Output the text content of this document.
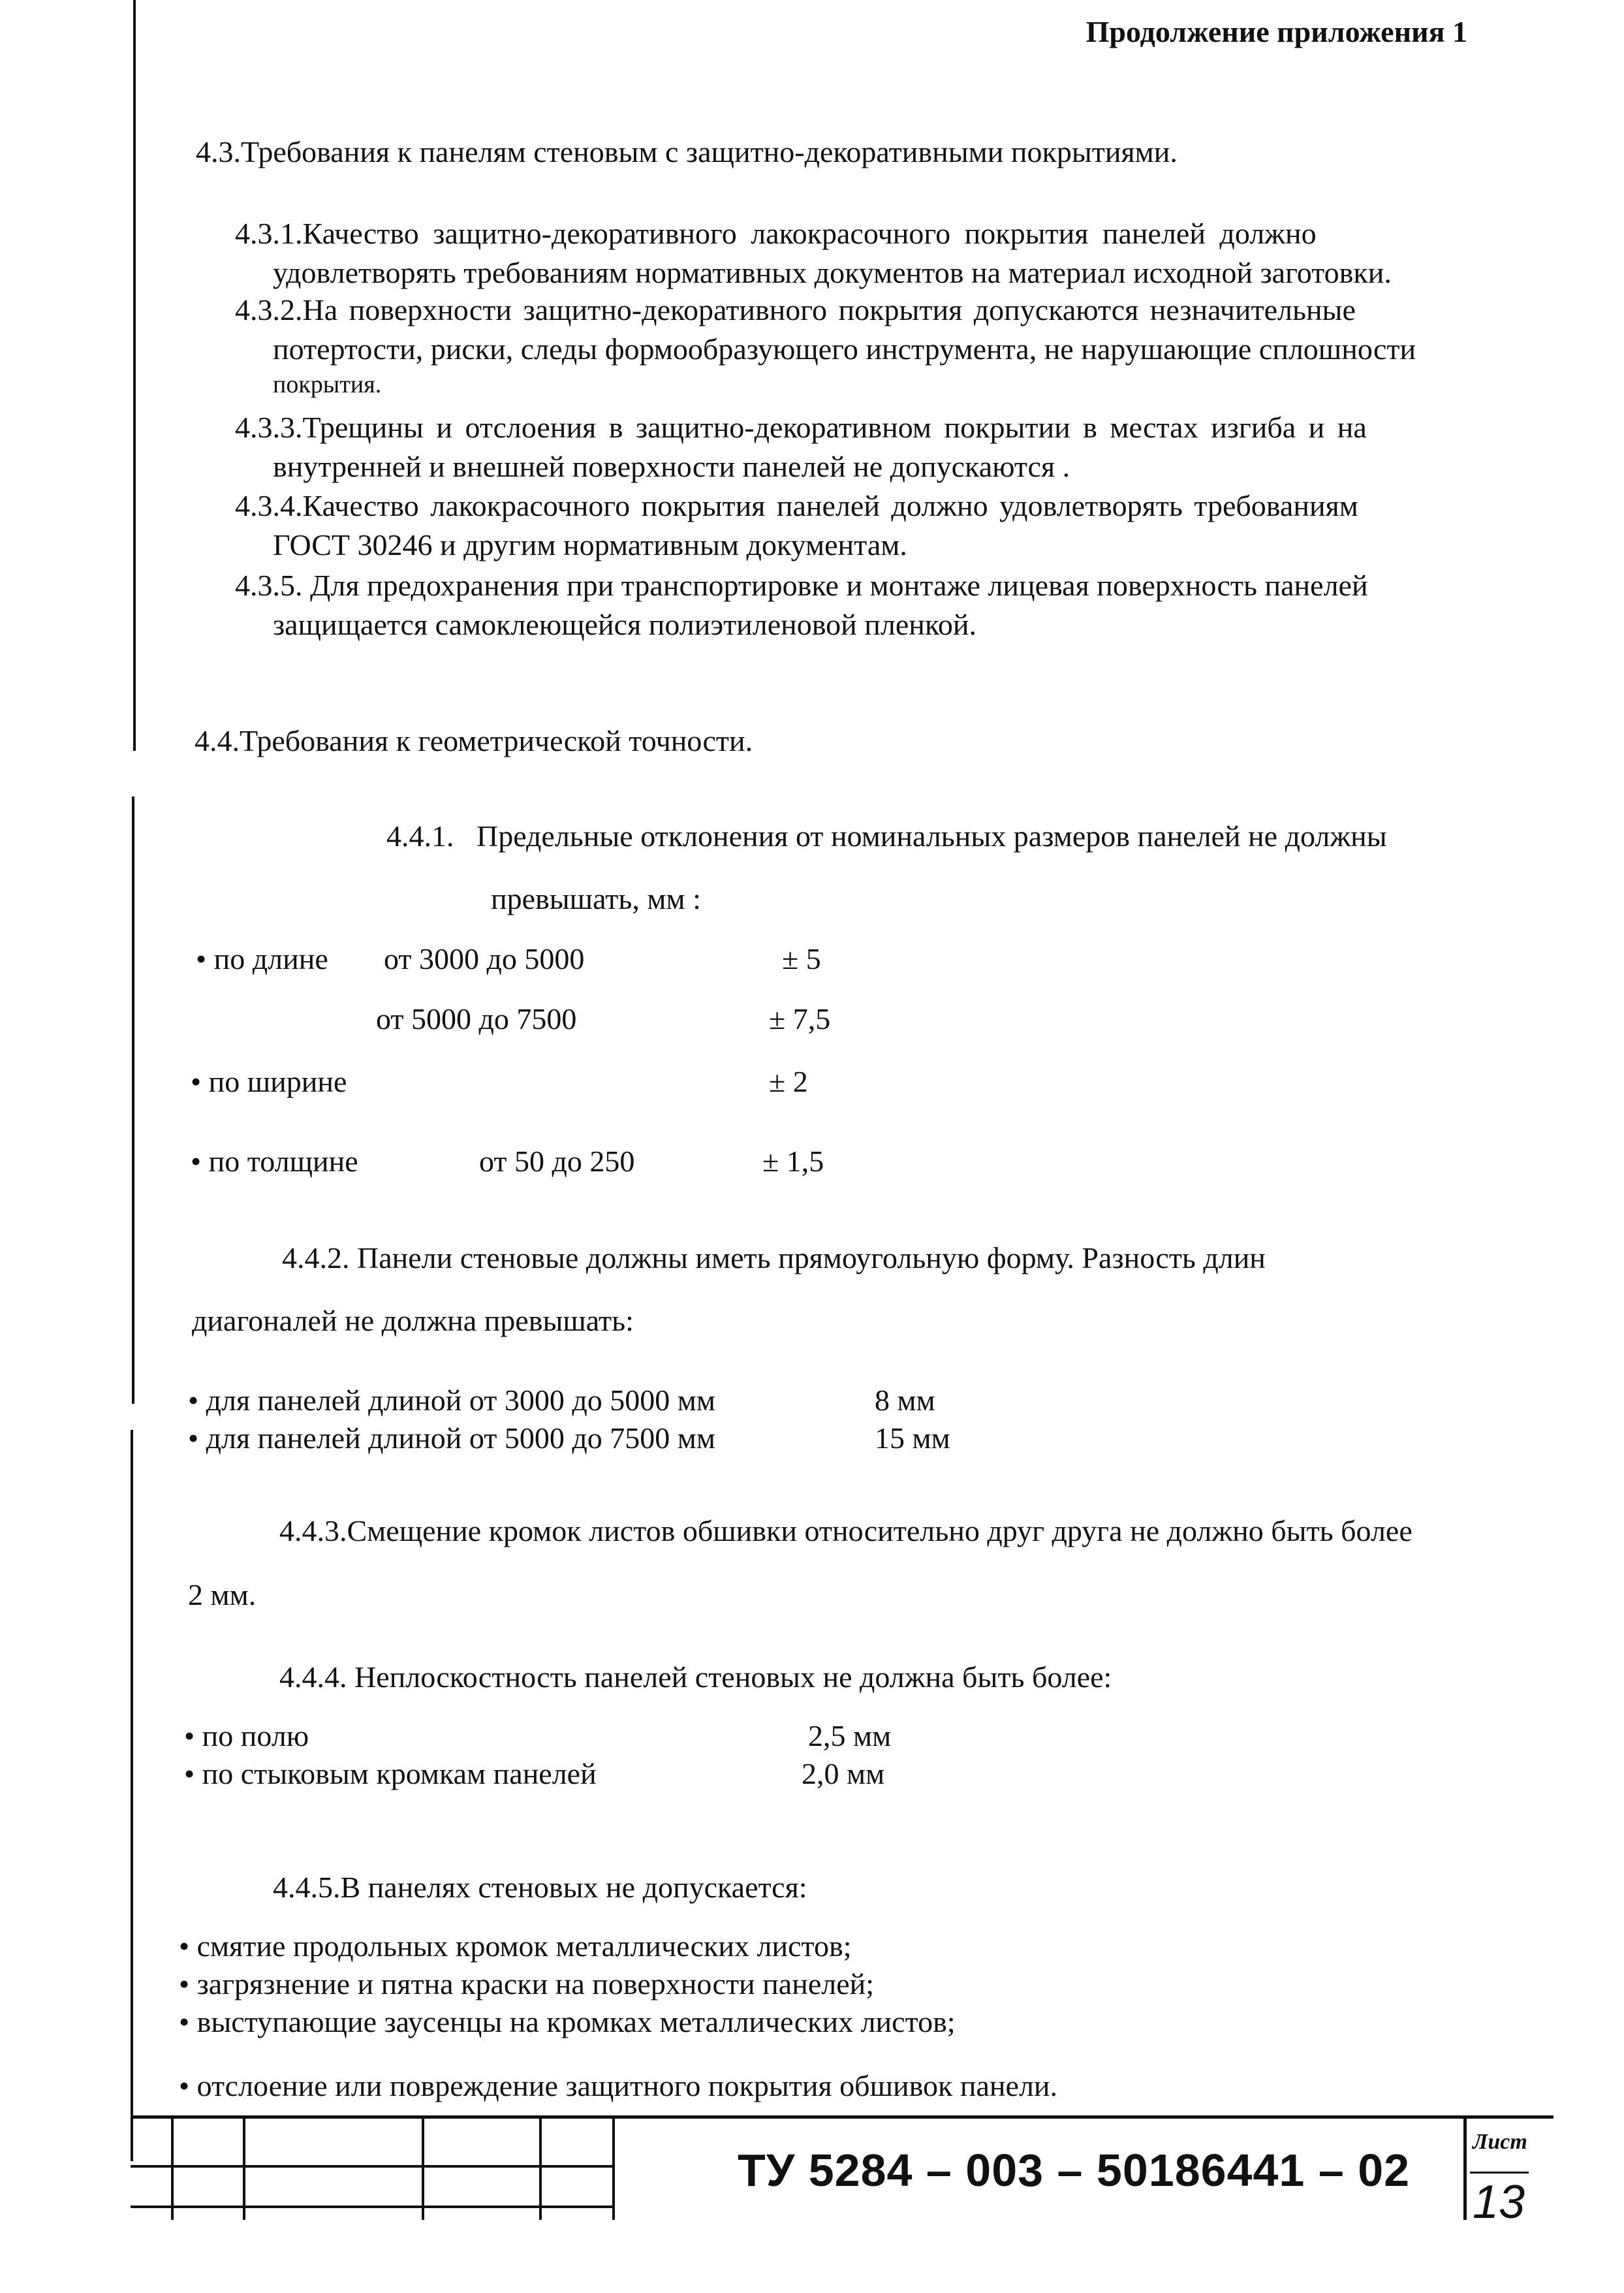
Продолжение приложения 1
4.3.Требования к панелям стеновым с защитно-декоративными покрытиями.
4.3.1.Качество защитно-декоративного лакокрасочного покрытия панелей должно
удовлетворять требованиям нормативных документов на материал исходной заготовки.
4.3.2.На поверхности защитно-декоративного покрытия допускаются незначительные
потертости, риски, следы формообразующего инструмента, не нарушающие сплошности
покрытия.
4.3.3.Трещины и отслоения в защитно-декоративном покрытии в местах изгиба и на
внутренней и внешней поверхности панелей не допускаются .
4.3.4.Качество лакокрасочного покрытия панелей должно удовлетворять требованиям
ГОСТ 30246 и другим нормативным документам.
4.3.5. Для предохранения при транспортировке и монтаже лицевая поверхность панелей
защищается самоклеющейся полиэтиленовой пленкой.
4.4.Требования к геометрической точности.
4.4.1.   Предельные отклонения от номинальных размеров панелей не должны
превышать, мм :
• по длине от 3000 до 5000	± 5
от 5000 до 7500	± 7,5
• по ширине	± 2
• по толщине	от 50 до 250	± 1,5
4.4.2. Панели стеновые должны иметь прямоугольную форму. Разность длин
диагоналей не должна превышать:
• для панелей длиной от 3000 до 5000 мм	8 мм
• для панелей длиной от 5000 до 7500 мм	15 мм
4.4.3.Смещение кромок листов обшивки относительно друг друга не должно быть более
2 мм.
4.4.4. Неплоскостность панелей стеновых не должна быть более:
• по полю	2,5 мм
• по стыковым кромкам панелей	2,0 мм
4.4.5.В панелях стеновых не допускается:
• смятие продольных кромок металлических листов;
• загрязнение и пятна краски на поверхности панелей;
• выступающие заусенцы на кромках металлических листов;
• отслоение или повреждение защитного покрытия обшивок панели.
ТУ 5284 – 003 – 50186441 – 02
Лист
13
